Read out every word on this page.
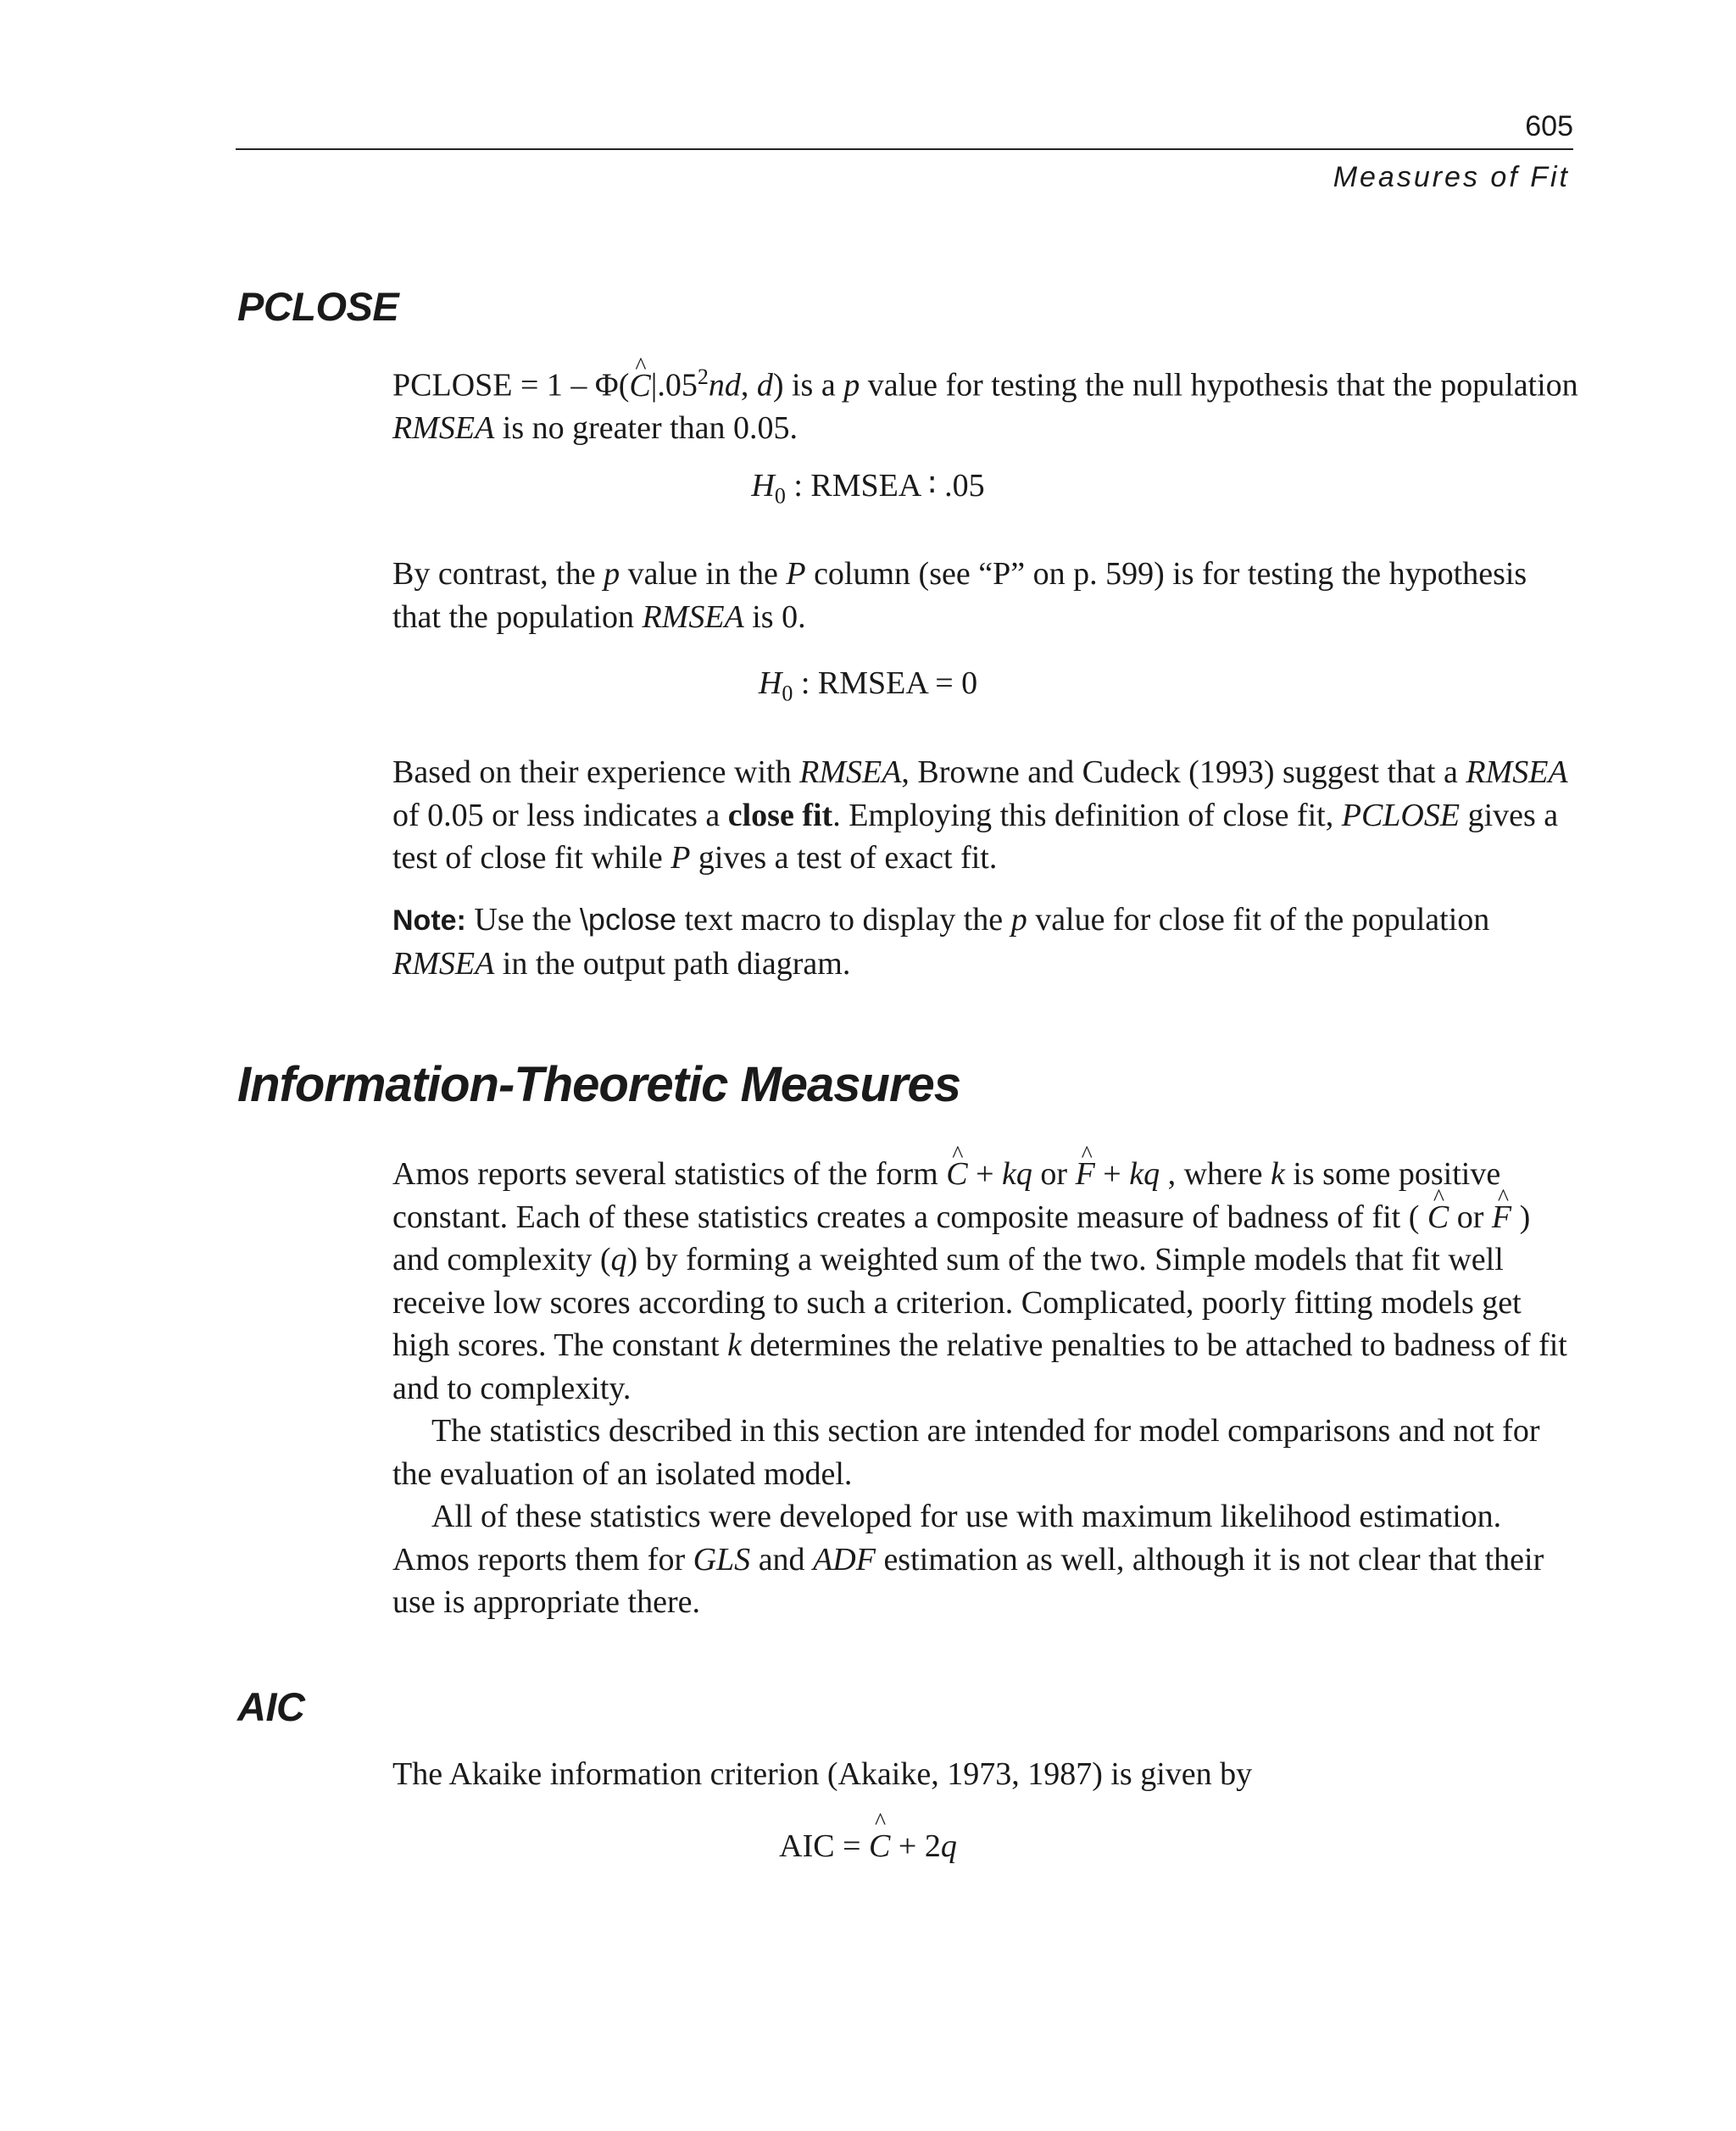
605
Measures of Fit
PCLOSE

PCLOSE = 1 – Φ(^ $C|.05^2nd$, d) is a p value for testing the null hypothesis that the population RMSEA is no greater than 0.05.

$H_0$ : RMSEA ∶ .05

By contrast, the p value in the P column (see “P” on p. 599) is for testing the hypothesis that the population RMSEA is 0.

$H_0$ : RMSEA = 0

Based on their experience with RMSEA, Browne and Cudeck (1993) suggest that a RMSEA of 0.05 or less indicates a close fit. Employing this definition of close fit, PCLOSE gives a test of close fit while P gives a test of exact fit.

Note: Use the \pclose text macro to display the p value for close fit of the population RMSEA in the output path diagram.

Information-Theoretic Measures

Amos reports several statistics of the form ^ C + kq or ^ F + kq , where k is some positive constant. Each of these statistics creates a composite measure of badness of fit ( ^ C or ^ F ) and complexity (q) by forming a weighted sum of the two. Simple models that fit well receive low scores according to such a criterion. Complicated, poorly fitting models get high scores. The constant k determines the relative penalties to be attached to badness of fit and to complexity.

The statistics described in this section are intended for model comparisons and not for the evaluation of an isolated model.

All of these statistics were developed for use with maximum likelihood estimation. Amos reports them for GLS and ADF estimation as well, although it is not clear that their use is appropriate there.

AIC

The Akaike information criterion (Akaike, 1973, 1987) is given by

AIC = ^ C + 2q
